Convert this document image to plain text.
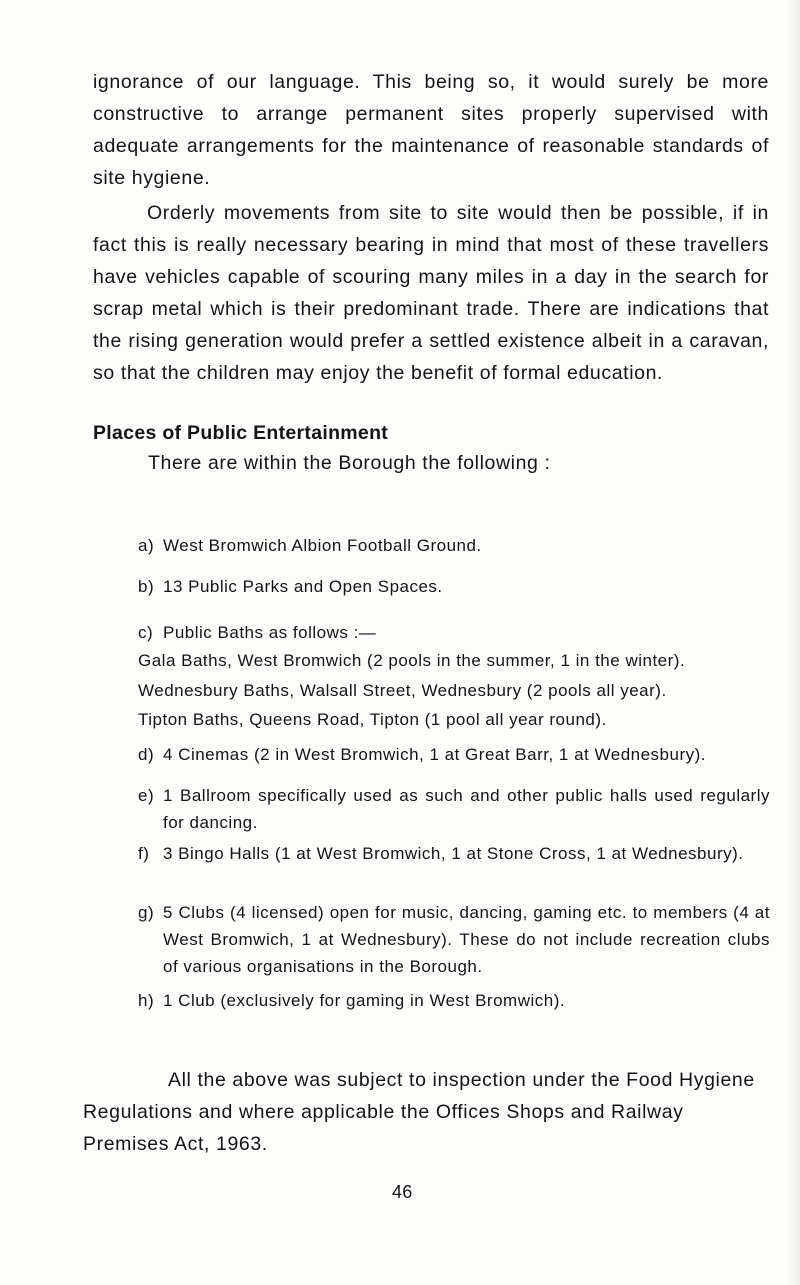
ignorance of our language. This being so, it would surely be more constructive to arrange permanent sites properly supervised with adequate arrangements for the maintenance of reasonable standards of site hygiene.

Orderly movements from site to site would then be possible, if in fact this is really necessary bearing in mind that most of these travellers have vehicles capable of scouring many miles in a day in the search for scrap metal which is their predominant trade. There are indications that the rising generation would prefer a settled existence albeit in a caravan, so that the children may enjoy the benefit of formal education.

Places of Public Entertainment

There are within the Borough the following :

a) West Bromwich Albion Football Ground.
b) 13 Public Parks and Open Spaces.
c) Public Baths as follows :—
Gala Baths, West Bromwich (2 pools in the summer, 1 in the winter).
Wednesbury Baths, Walsall Street, Wednesbury (2 pools all year).
Tipton Baths, Queens Road, Tipton (1 pool all year round).
d) 4 Cinemas (2 in West Bromwich, 1 at Great Barr, 1 at Wednesbury).
e) 1 Ballroom specifically used as such and other public halls used regularly for dancing.
f) 3 Bingo Halls (1 at West Bromwich, 1 at Stone Cross, 1 at Wednesbury).
g) 5 Clubs (4 licensed) open for music, dancing, gaming etc. to members (4 at West Bromwich, 1 at Wednesbury). These do not include recreation clubs of various organisations in the Borough.
h) 1 Club (exclusively for gaming in West Bromwich).

All the above was subject to inspection under the Food Hygiene Regulations and where applicable the Offices Shops and Railway Premises Act, 1963.

46
